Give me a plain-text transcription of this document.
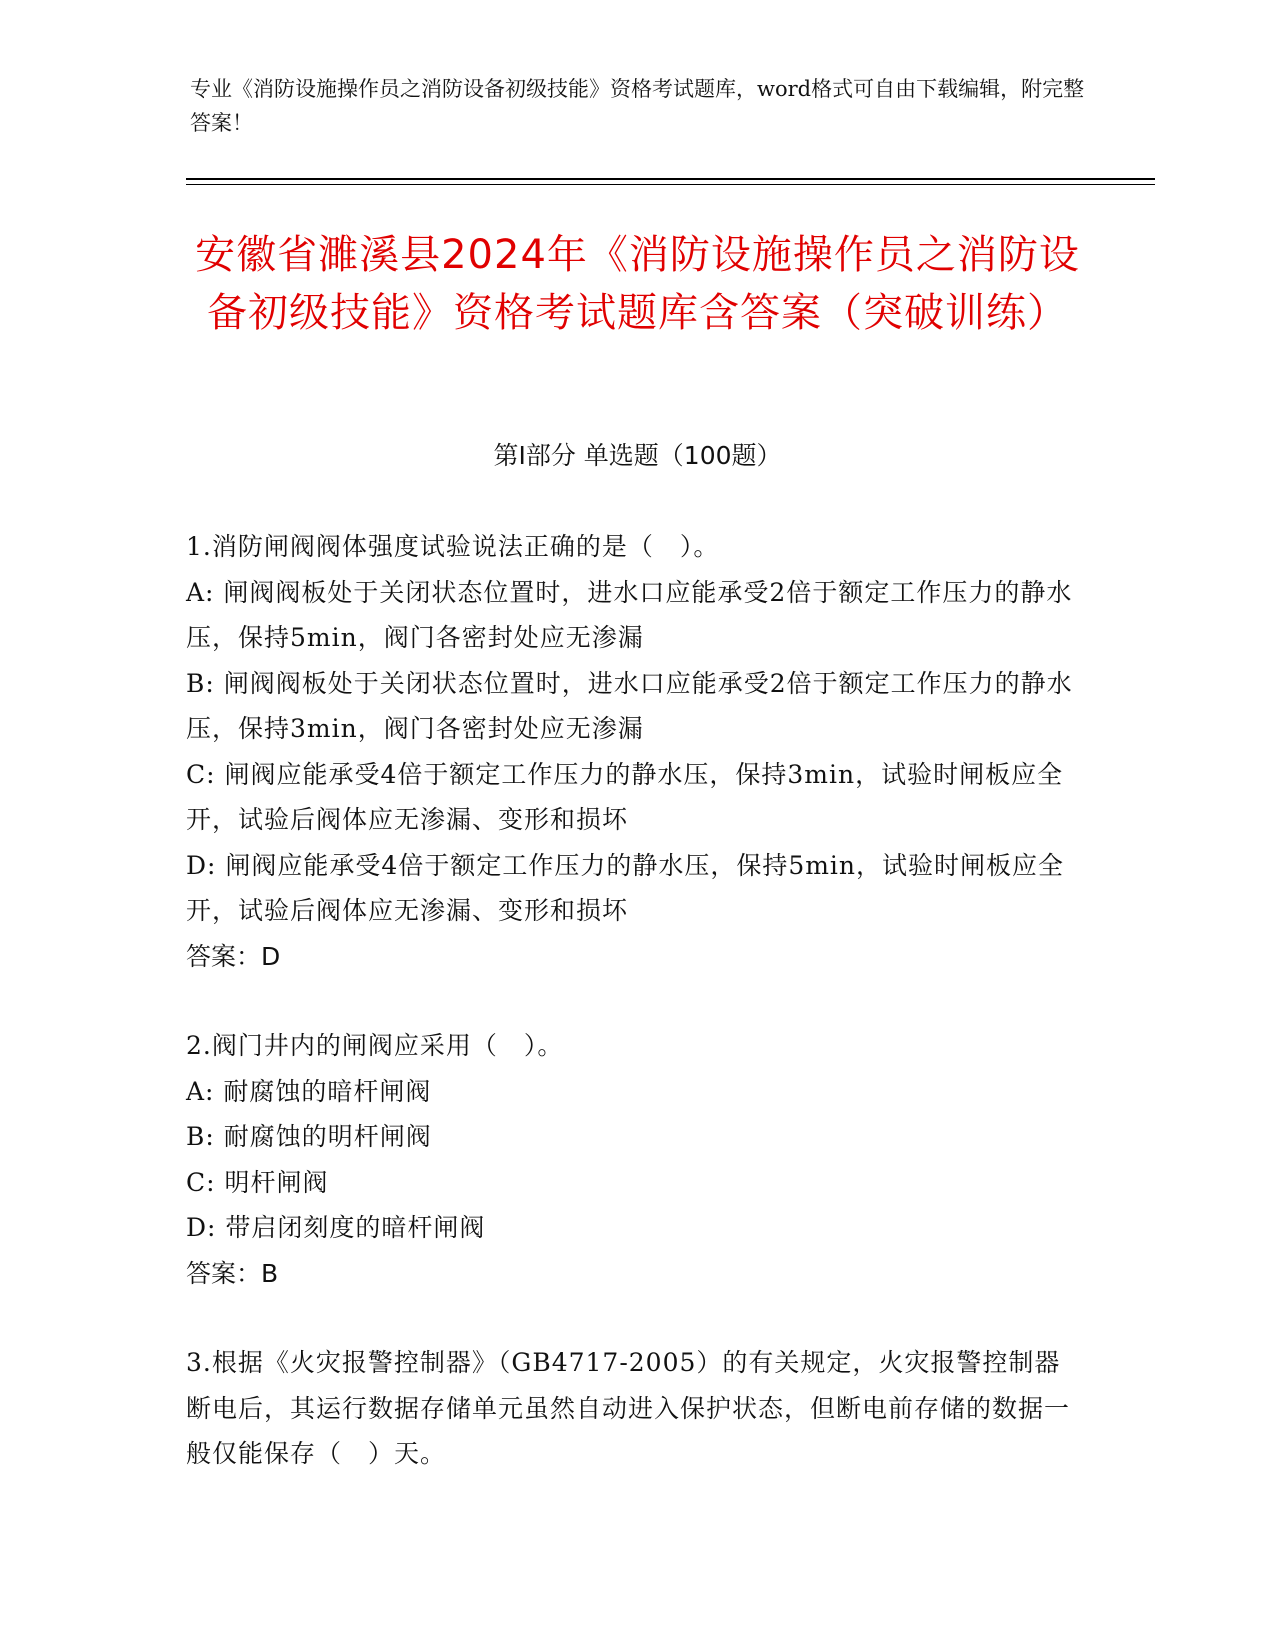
专业《消防设施操作员之消防设备初级技能》资格考试题库，word格式可自由下载编辑，附完整答案！
安徽省濉溪县2024年《消防设施操作员之消防设备初级技能》资格考试题库含答案（突破训练）
第I部分 单选题（100题）

1.消防闸阀阀体强度试验说法正确的是（　）。

A: 闸阀阀板处于关闭状态位置时，进水口应能承受2倍于额定工作压力的静水压，保持5min，阀门各密封处应无渗漏

B: 闸阀阀板处于关闭状态位置时，进水口应能承受2倍于额定工作压力的静水压，保持3min，阀门各密封处应无渗漏

C: 闸阀应能承受4倍于额定工作压力的静水压，保持3min，试验时闸板应全开，试验后阀体应无渗漏、变形和损坏

D: 闸阀应能承受4倍于额定工作压力的静水压，保持5min，试验时闸板应全开，试验后阀体应无渗漏、变形和损坏

答案：D

2.阀门井内的闸阀应采用（　）。

A: 耐腐蚀的暗杆闸阀

B: 耐腐蚀的明杆闸阀

C: 明杆闸阀

D: 带启闭刻度的暗杆闸阀

答案：B

3.根据《火灾报警控制器》（GB4717-2005）的有关规定，火灾报警控制器断电后，其运行数据存储单元虽然自动进入保护状态，但断电前存储的数据一般仅能保存（　）天。
